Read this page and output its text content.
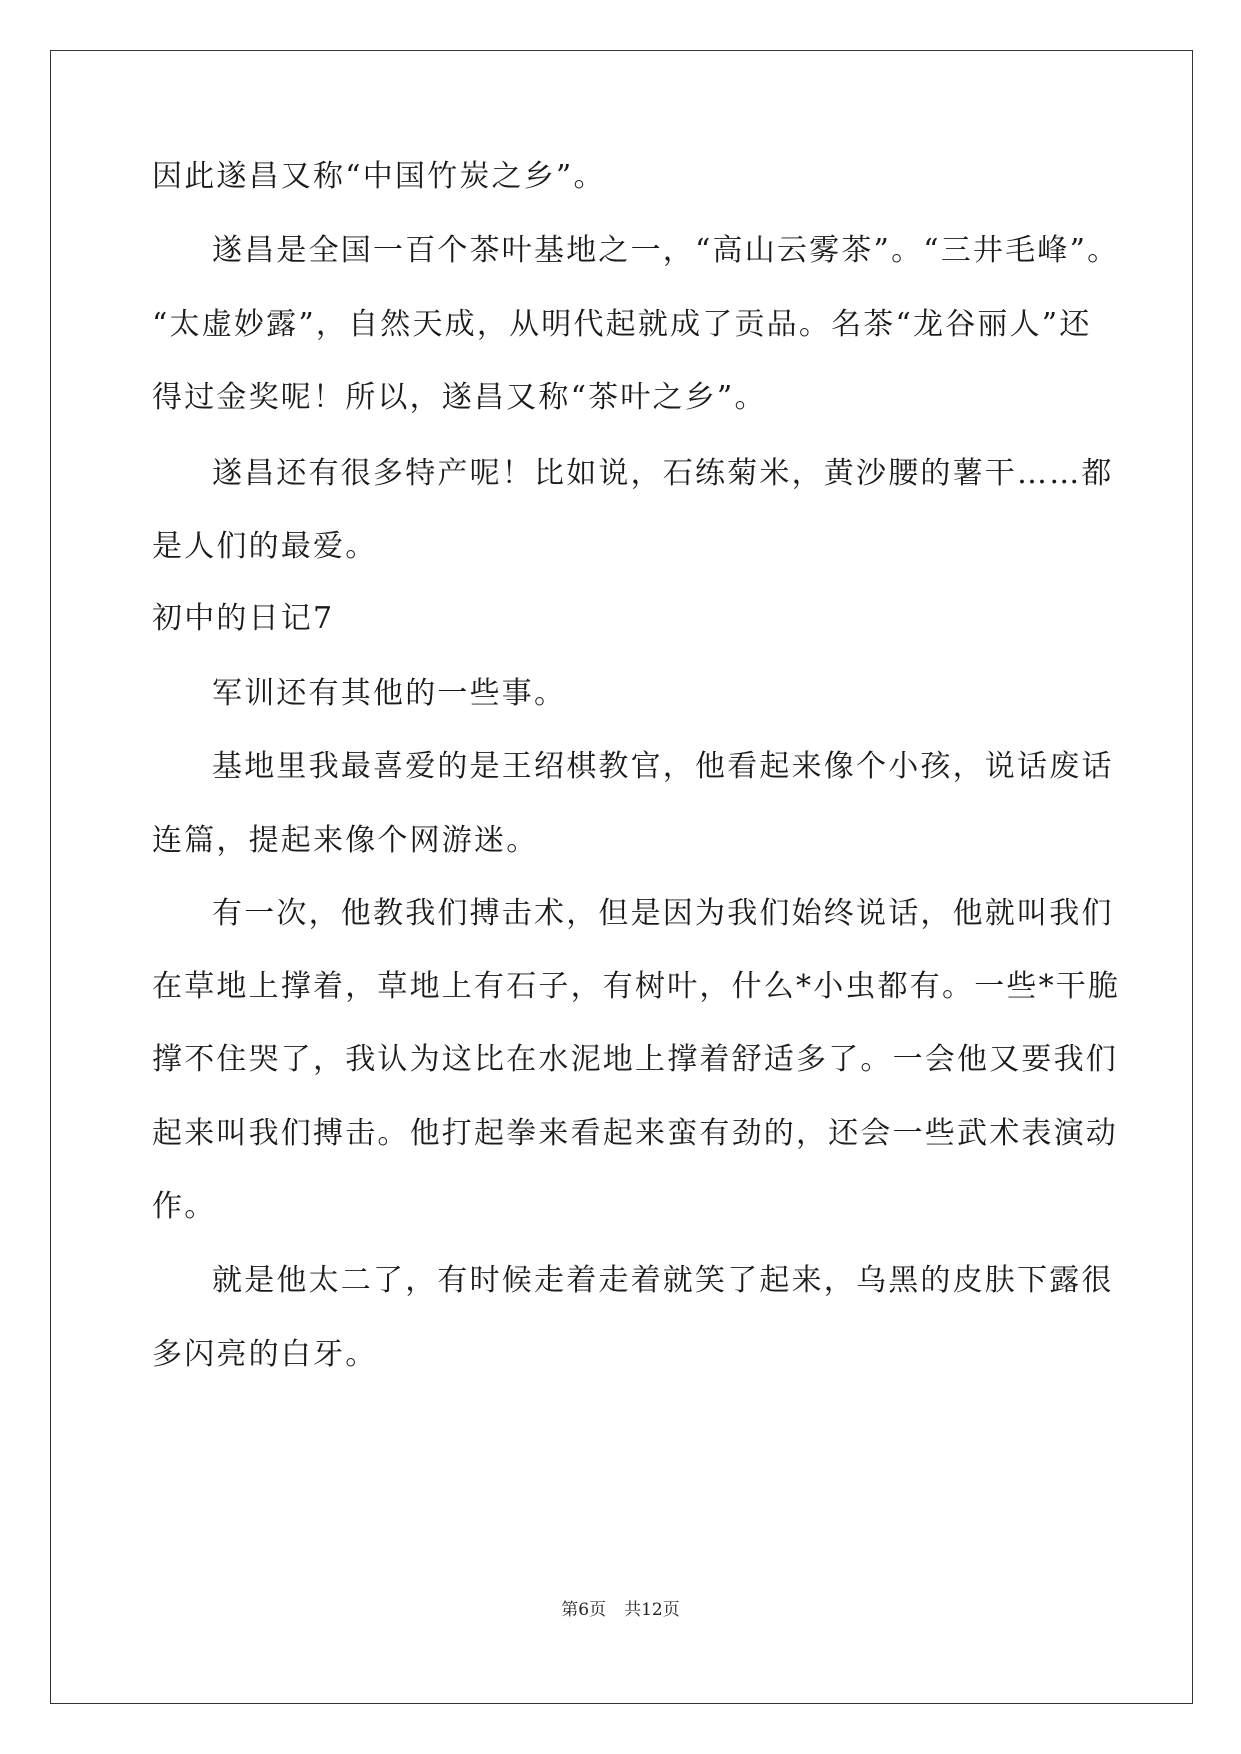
因此遂昌又称“中国竹炭之乡”。
遂昌是全国一百个茶叶基地之一，“高山云雾茶”。“三井毛峰”。
“太虚妙露”，自然天成，从明代起就成了贡品。名茶“龙谷丽人”还
得过金奖呢！所以，遂昌又称“茶叶之乡”。
遂昌还有很多特产呢！比如说，石练菊米，黄沙腰的薯干……都
是人们的最爱。
初中的日记7
军训还有其他的一些事。
基地里我最喜爱的是王绍棋教官，他看起来像个小孩，说话废话
连篇，提起来像个网游迷。
有一次，他教我们搏击术，但是因为我们始终说话，他就叫我们
在草地上撑着，草地上有石子，有树叶，什么*小虫都有。一些*干脆
撑不住哭了，我认为这比在水泥地上撑着舒适多了。一会他又要我们
起来叫我们搏击。他打起拳来看起来蛮有劲的，还会一些武术表演动
作。
就是他太二了，有时候走着走着就笑了起来，乌黑的皮肤下露很
多闪亮的白牙。
第6页 共12页
